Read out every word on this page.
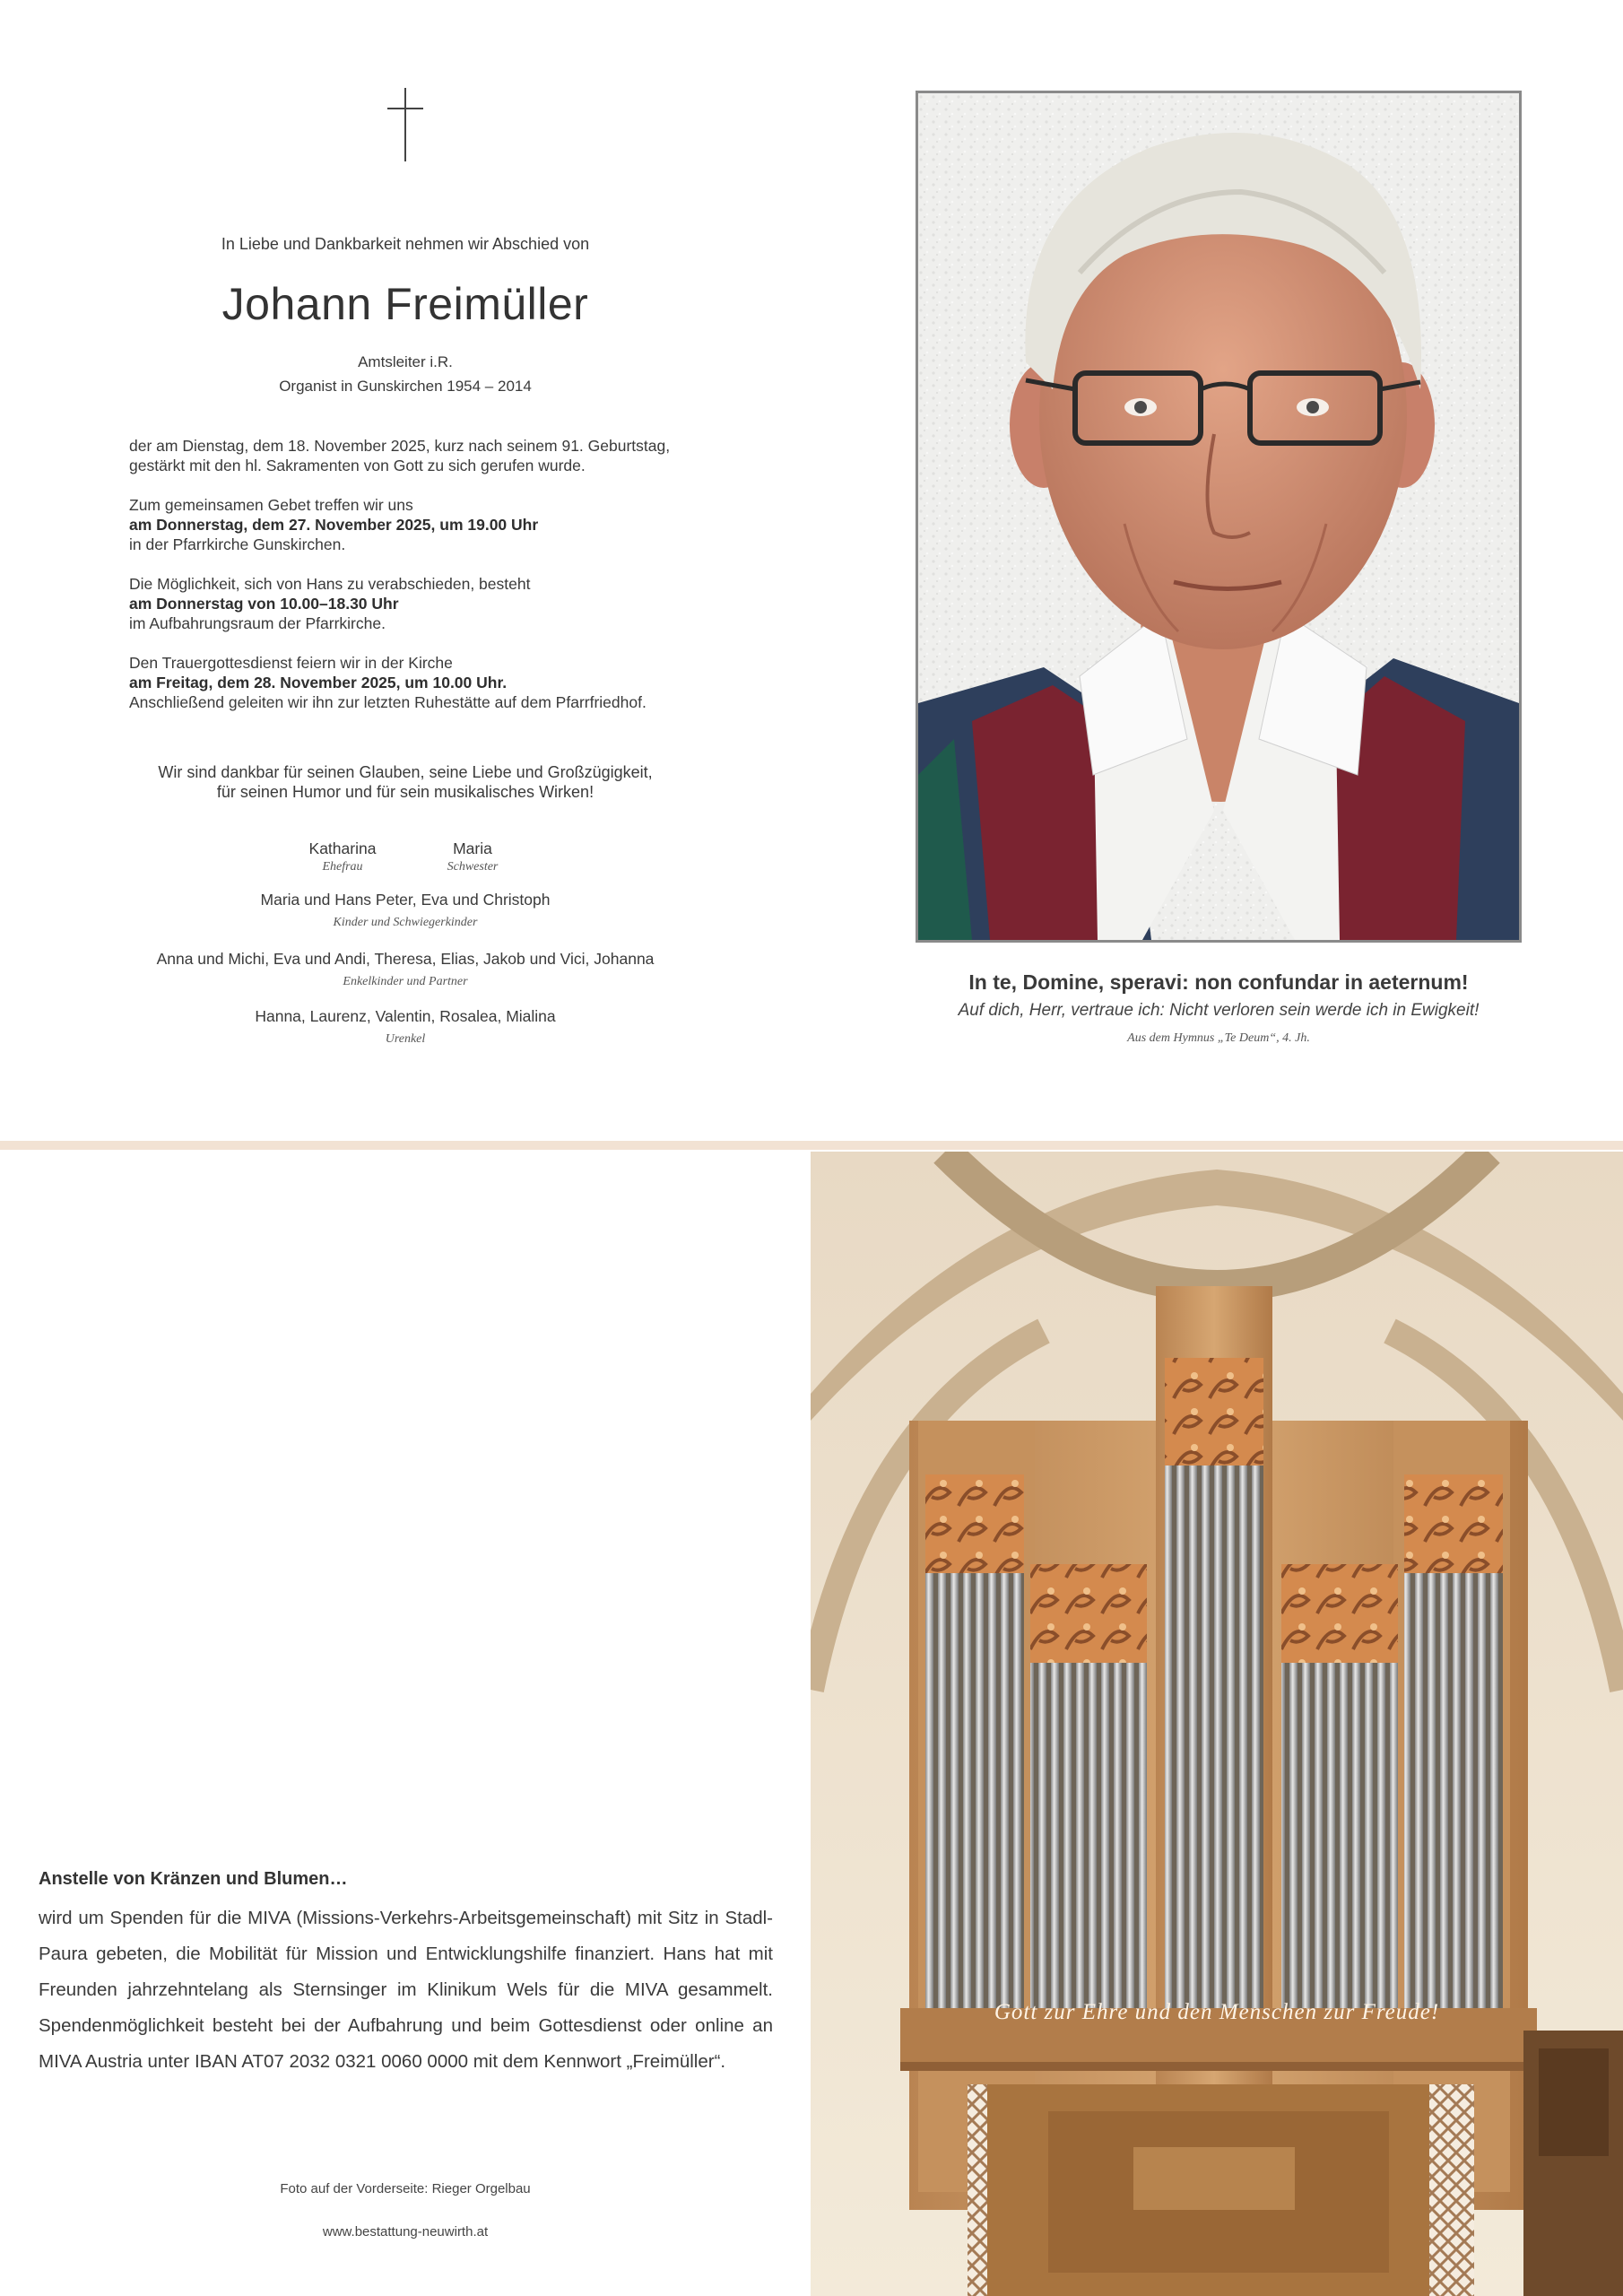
In Liebe und Dankbarkeit nehmen wir Abschied von
Johann Freimüller
Amtsleiter i.R.
Organist in Gunskirchen 1954 – 2014
der am Dienstag, dem 18. November 2025, kurz nach seinem 91. Geburtstag,
gestärkt mit den hl. Sakramenten von Gott zu sich gerufen wurde.
Zum gemeinsamen Gebet treffen wir uns
am Donnerstag, dem 27. November 2025, um 19.00 Uhr
in der Pfarrkirche Gunskirchen.
Die Möglichkeit, sich von Hans zu verabschieden, besteht
am Donnerstag von 10.00–18.30 Uhr
im Aufbahrungsraum der Pfarrkirche.
Den Trauergottesdienst feiern wir in der Kirche
am Freitag, dem 28. November 2025, um 10.00 Uhr.
Anschließend geleiten wir ihn zur letzten Ruhestätte auf dem Pfarrfriedhof.
Wir sind dankbar für seinen Glauben, seine Liebe und Großzügigkeit,
für seinen Humor und für sein musikalisches Wirken!
Katharina
Ehefrau
Maria
Schwester
Maria und Hans Peter, Eva und Christoph
Kinder und Schwiegerkinder
Anna und Michi, Eva und Andi, Theresa, Elias, Jakob und Vici, Johanna
Enkelkinder und Partner
Hanna, Laurenz, Valentin, Rosalea, Mialina
Urenkel
In te, Domine, speravi: non confundar in aeternum!
Auf dich, Herr, vertraue ich: Nicht verloren sein werde ich in Ewigkeit!
Aus dem Hymnus „Te Deum“, 4. Jh.
Anstelle von Kränzen und Blumen…
wird um Spenden für die MIVA (Missions-Verkehrs-Arbeitsgemeinschaft) mit Sitz in Stadl-Paura gebeten, die Mobilität für Mission und Entwicklungshilfe finanziert. Hans hat mit Freunden jahrzehntelang als Sternsinger im Klinikum Wels für die MIVA gesammelt. Spendenmöglichkeit besteht bei der Aufbahrung und beim Gottesdienst oder online an MIVA Austria unter IBAN AT07 2032 0321 0060 0000 mit dem Kennwort „Freimüller“.
Foto auf der Vorderseite: Rieger Orgelbau
www.bestattung-neuwirth.at
Gott zur Ehre und den Menschen zur Freude!
